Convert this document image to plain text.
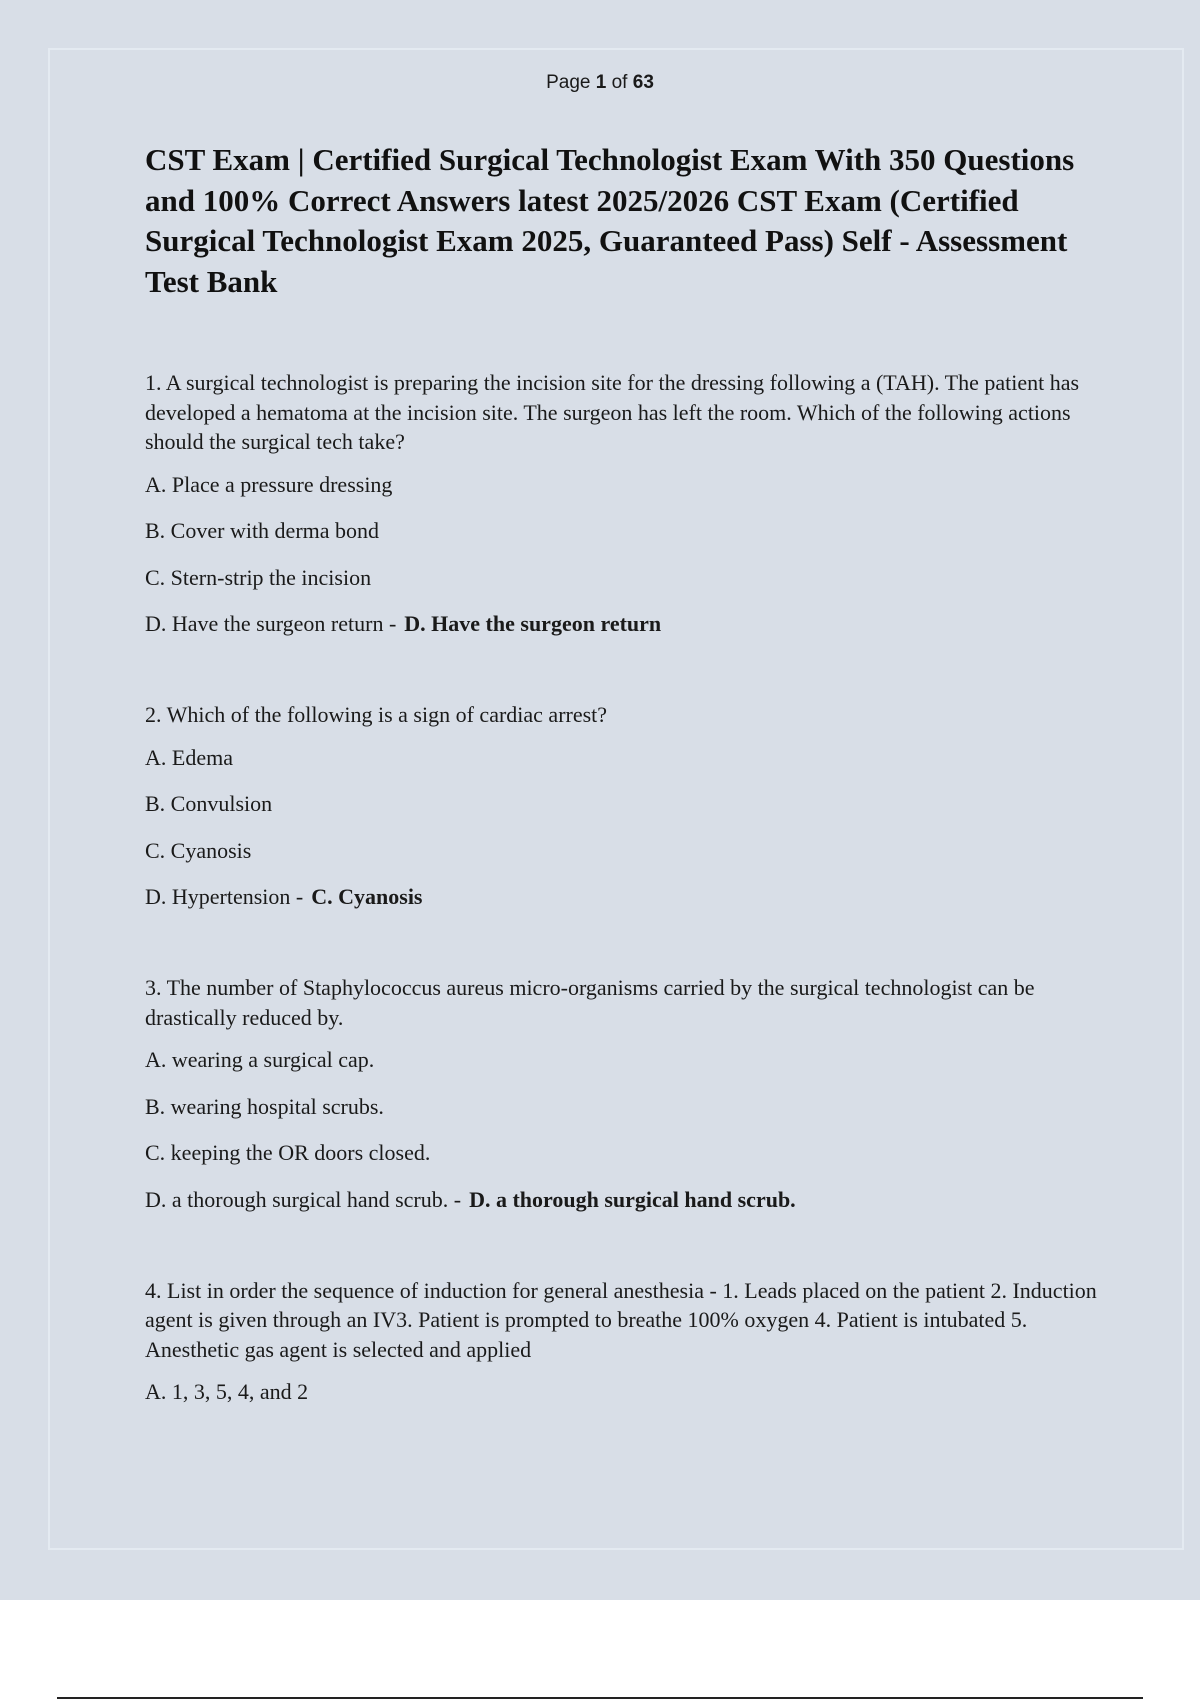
Page 1 of 63
CST Exam | Certified Surgical Technologist Exam With 350 Questions and 100% Correct Answers latest 2025/2026 CST Exam (Certified Surgical Technologist Exam 2025, Guaranteed Pass) Self - Assessment Test Bank

1. A surgical technologist is preparing the incision site for the dressing following a (TAH). The patient has developed a hematoma at the incision site. The surgeon has left the room. Which of the following actions should the surgical tech take?

A. Place a pressure dressing

B. Cover with derma bond

C. Stern-strip the incision

D. Have the surgeon return - D. Have the surgeon return

2. Which of the following is a sign of cardiac arrest?

A. Edema

B. Convulsion

C. Cyanosis

D. Hypertension - C. Cyanosis

3. The number of Staphylococcus aureus micro-organisms carried by the surgical technologist can be drastically reduced by.

A. wearing a surgical cap.

B. wearing hospital scrubs.

C. keeping the OR doors closed.

D. a thorough surgical hand scrub. - D. a thorough surgical hand scrub.

4. List in order the sequence of induction for general anesthesia - 1. Leads placed on the patient 2. Induction agent is given through an IV3. Patient is prompted to breathe 100% oxygen 4. Patient is intubated 5. Anesthetic gas agent is selected and applied

A. 1, 3, 5, 4, and 2
